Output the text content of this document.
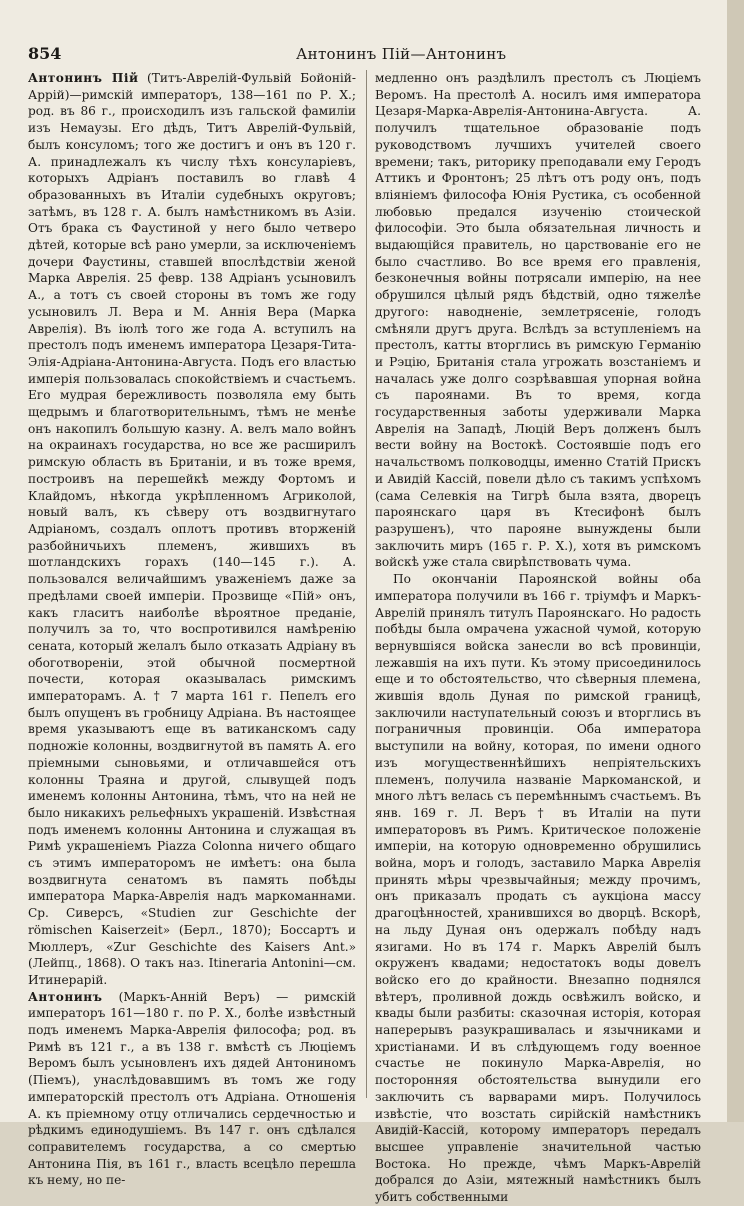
854	Антонинъ Пій—Антонинъ

Антонинъ Пій (Титъ-Аврелій-Фульвій Бойоній-Аррій)—римскій императоръ, 138—161 по Р. Х.; род. въ 86 г., происходилъ изъ гальской фамиліи изъ Немаузы. Его дѣдъ, Титъ Аврелій-Фульвій, былъ консуломъ; того же достигъ и онъ въ 120 г. А. принадлежалъ къ числу тѣхъ консуларіевъ, которыхъ Адріанъ поставилъ во главѣ 4 образованныхъ въ Италіи судебныхъ округовъ; затѣмъ, въ 128 г. А. былъ намѣстникомъ въ Азіи. Отъ брака съ Фаустиной у него было четверо дѣтей, которые всѣ рано умерли, за исключеніемъ дочери Фаустины, ставшей впослѣдствіи женой Марка Аврелія. 25 февр. 138 Адріанъ усыновилъ А., а тотъ съ своей стороны въ томъ же году усыновилъ Л. Вера и М. Аннія Вера (Марка Аврелія). Въ іюлѣ того же года А. вступилъ на престолъ подъ именемъ императора Цезаря-Тита-Элія-Адріана-Антонина-Августа. Подъ его властью имперія пользовалась спокойствіемъ и счастьемъ. Его мудрая бережливость позволяла ему быть щедрымъ и благотворительнымъ, тѣмъ не менѣе онъ накопилъ большую казну. А. велъ мало войнъ на окраинахъ государства, но все же расширилъ римскую область въ Британіи, и въ тоже время, построивъ на перешейкѣ между Фортомъ и Клайдомъ, нѣкогда укрѣпленномъ Агриколой, новый валъ, къ сѣверу отъ воздвигнутаго Адріаномъ, создалъ оплотъ противъ вторженій разбойничьихъ племенъ, жившихъ въ шотландскихъ горахъ (140—145 г.). А. пользовался величайшимъ уваженіемъ даже за предѣлами своей имперіи. Прозвище «Пій» онъ, какъ гласитъ наиболѣе вѣроятное преданіе, получилъ за то, что воспротивился намѣренію сената, который желалъ было отказать Адріану въ обоготвореніи, этой обычной посмертной почести, которая оказывалась римскимъ императорамъ. А. † 7 марта 161 г. Пепелъ его былъ опущенъ въ гробницу Адріана. Въ настоящее время указываютъ еще въ ватиканскомъ саду подножіе колонны, воздвигнутой въ память А. его пріемными сыновьями, и отличавшейся отъ колонны Траяна и другой, слывущей подъ именемъ колонны Антонина, тѣмъ, что на ней не было никакихъ рельефныхъ украшеній. Извѣстная подъ именемъ колонны Антонина и служащая въ Римѣ украшеніемъ Piazza Colonna ничего общаго съ этимъ императоромъ не имѣетъ: она была воздвигнута сенатомъ въ память побѣды императора Марка-Аврелія надъ маркоманнами. Ср. Сиверсъ, «Studien zur Geschichte der römischen Kaiserzeit» (Берл., 1870); Боссартъ и Мюллеръ, «Zur Geschichte des Kaisers Ant.» (Лейпц., 1868). О такъ наз. Itineraria Antonini—см. Итинерарій.

Антонинъ (Маркъ-Анній Веръ) — римскій императоръ 161—180 г. по Р. Х., болѣе извѣстный подъ именемъ Марка-Аврелія философа; род. въ Римѣ въ 121 г., а въ 138 г. вмѣстѣ съ Люціемъ Веромъ былъ усыновленъ ихъ дядей Антониномъ (Піемъ), унаслѣдовавшимъ въ томъ же году императорскій престолъ отъ Адріана. Отношенія А. къ пріемному отцу отличались сердечностью и рѣдкимъ единодушіемъ. Въ 147 г. онъ сдѣлался соправителемъ государства, а со смертью Антонина Пія, въ 161 г., власть всецѣло перешла къ нему, но пе-

медленно онъ раздѣлилъ престолъ съ Люціемъ Веромъ. На престолѣ А. носилъ имя императора Цезаря-Марка-Аврелія-Антонина-Августа. А. получилъ тщательное образованіе подъ руководствомъ лучшихъ учителей своего времени; такъ, риторику преподавали ему Геродъ Аттикъ и Фронтонъ; 25 лѣтъ отъ роду онъ, подъ вліяніемъ философа Юнія Рустика, съ особенной любовью предался изученію стоической философіи. Это была обязательная личность и выдающійся правитель, но царствованіе его не было счастливо. Во все время его правленія, безконечныя войны потрясали имперію, на нее обрушился цѣлый рядъ бѣдствій, одно тяжелѣе другого: наводненіе, землетрясеніе, голодъ смѣняли другъ друга. Вслѣдъ за вступленіемъ на престолъ, катты вторглись въ римскую Германію и Рэцію, Британія стала угрожать возстаніемъ и началась уже долго созрѣвавшая упорная война съ пароянами. Въ то время, когда государственныя заботы удерживали Марка Аврелія на Западѣ, Люцій Веръ долженъ былъ вести войну на Востокѣ. Состоявшіе подъ его начальствомъ полководцы, именно Статій Прискъ и Авидій Кассій, повели дѣло съ такимъ успѣхомъ (сама Селевкія на Тигрѣ была взята, дворецъ пароянскаго царя въ Ктесифонѣ былъ разрушенъ), что парояне вынуждены были заключить миръ (165 г. Р. Х.), хотя въ римскомъ войскѣ уже стала свирѣпствовать чума.

По окончаніи Пароянской войны оба императора получили въ 166 г. тріумфъ и Маркъ-Аврелій принялъ титулъ Пароянскаго. Но радость побѣды была омрачена ужасной чумой, которую вернувшіяся войска занесли во всѣ провинціи, лежавшія на ихъ пути. Къ этому присоединилось еще и то обстоятельство, что сѣверныя племена, жившія вдоль Дуная по римской границѣ, заключили наступательный союзъ и вторглись въ пограничныя провинціи. Оба императора выступили на войну, которая, по имени одного изъ могущественнѣйшихъ непріятельскихъ племенъ, получила названіе Маркоманской, и много лѣтъ велась съ перемѣннымъ счастьемъ. Въ янв. 169 г. Л. Веръ † въ Италіи на пути императоровъ въ Римъ. Критическое положеніе имперіи, на которую одновременно обрушились война, моръ и голодъ, заставило Марка Аврелія принять мѣры чрезвычайныя; между прочимъ, онъ приказалъ продать съ аукціона массу драгоцѣнностей, хранившихся во дворцѣ. Вскорѣ, на льду Дуная онъ одержалъ побѣду надъ язигами. Но въ 174 г. Маркъ Аврелій былъ окруженъ квадами; недостатокъ воды довелъ войско его до крайности. Внезапно поднялся вѣтеръ, проливной дождь освѣжилъ войско, и квады были разбиты: сказочная исторія, которая наперерывъ разукрашивалась и язычниками и христіанами. И въ слѣдующемъ году военное счастье не покинуло Марка-Аврелія, но посторонняя обстоятельства вынудили его заключить съ варварами миръ. Получилось извѣстіе, что возстать сирійскій намѣстникъ Авидій-Кассій, которому императоръ передалъ высшее управленіе значительной частью Востока. Но прежде, чѣмъ Маркъ-Аврелій добрался до Азіи, мятежный намѣстникъ былъ убитъ собственными
